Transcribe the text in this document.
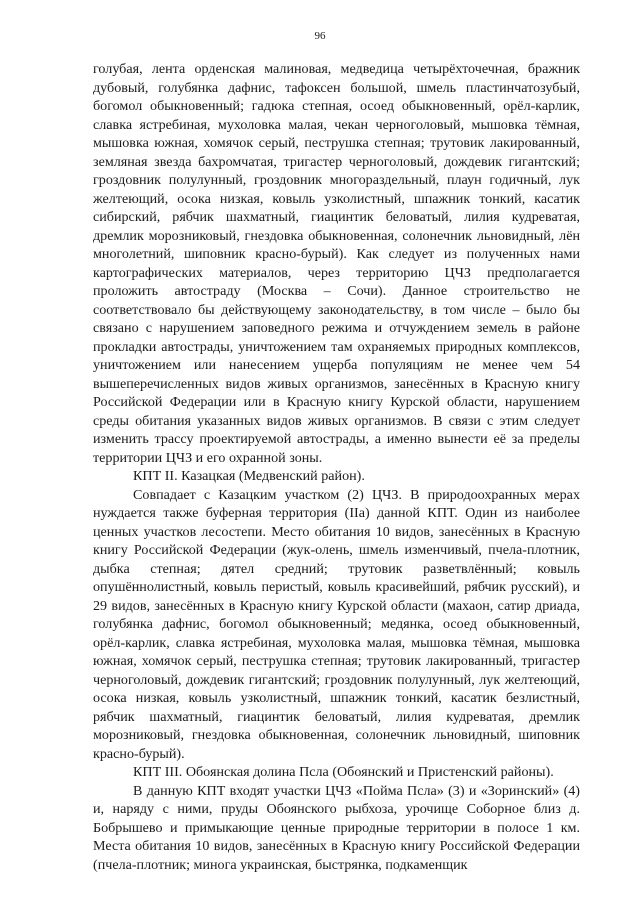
96

голубая, лента орденская малиновая, медведица четырёхточечная, бражник дубовый, голубянка дафнис, тафоксен большой, шмель пластинчатозубый, богомол обыкновенный; гадюка степная, осоед обыкновенный, орёл-карлик, славка ястребиная, мухоловка малая, чекан черноголовый, мышовка тёмная, мышовка южная, хомячок серый, пеструшка степная; трутовик лакированный, земляная звезда бахромчатая, тригастер черноголовый, дождевик гигантский; гроздовник полулунный, гроздовник многораздельный, плаун годичный, лук желтеющий, осока низкая, ковыль узколистный, шпажник тонкий, касатик сибирский, рябчик шахматный, гиацинтик беловатый, лилия кудреватая, дремлик морозниковый, гнездовка обыкновенная, солонечник льновидный, лён многолетний, шиповник красно-бурый). Как следует из полученных нами картографических материалов, через территорию ЦЧЗ предполагается проложить автостраду (Москва – Сочи). Данное строительство не соответствовало бы действующему законодательству, в том числе – было бы связано с нарушением заповедного режима и отчуждением земель в районе прокладки автострады, уничтожением там охраняемых природных комплексов, уничтожением или нанесением ущерба популяциям не менее чем 54 вышеперечисленных видов живых организмов, занесённых в Красную книгу Российской Федерации или в Красную книгу Курской области, нарушением среды обитания указанных видов живых организмов. В связи с этим следует изменить трассу проектируемой автострады, а именно вынести её за пределы территории ЦЧЗ и его охранной зоны.

КПТ II. Казацкая (Медвенский район).

Совпадает с Казацким участком (2) ЦЧЗ. В природоохранных мерах нуждается также буферная территория (IIа) данной КПТ. Один из наиболее ценных участков лесостепи. Место обитания 10 видов, занесённых в Красную книгу Российской Федерации (жук-олень, шмель изменчивый, пчела-плотник, дыбка степная; дятел средний; трутовик разветвлённый; ковыль опушённолистный, ковыль перистый, ковыль красивейший, рябчик русский), и 29 видов, занесённых в Красную книгу Курской области (махаон, сатир дриада, голубянка дафнис, богомол обыкновенный; медянка, осоед обыкновенный, орёл-карлик, славка ястребиная, мухоловка малая, мышовка тёмная, мышовка южная, хомячок серый, пеструшка степная; трутовик лакированный, тригастер черноголовый, дождевик гигантский; гроздовник полулунный, лук желтеющий, осока низкая, ковыль узколистный, шпажник тонкий, касатик безлистный, рябчик шахматный, гиацинтик беловатый, лилия кудреватая, дремлик морозниковый, гнездовка обыкновенная, солонечник льновидный, шиповник красно-бурый).

КПТ III. Обоянская долина Псла (Обоянский и Пристенский районы).

В данную КПТ входят участки ЦЧЗ «Пойма Псла» (3) и «Зоринский» (4) и, наряду с ними, пруды Обоянского рыбхоза, урочище Соборное близ д. Бобрышево и примыкающие ценные природные территории в полосе 1 км. Места обитания 10 видов, занесённых в Красную книгу Российской Федерации (пчела-плотник; минога украинская, быстрянка, подкаменщик
